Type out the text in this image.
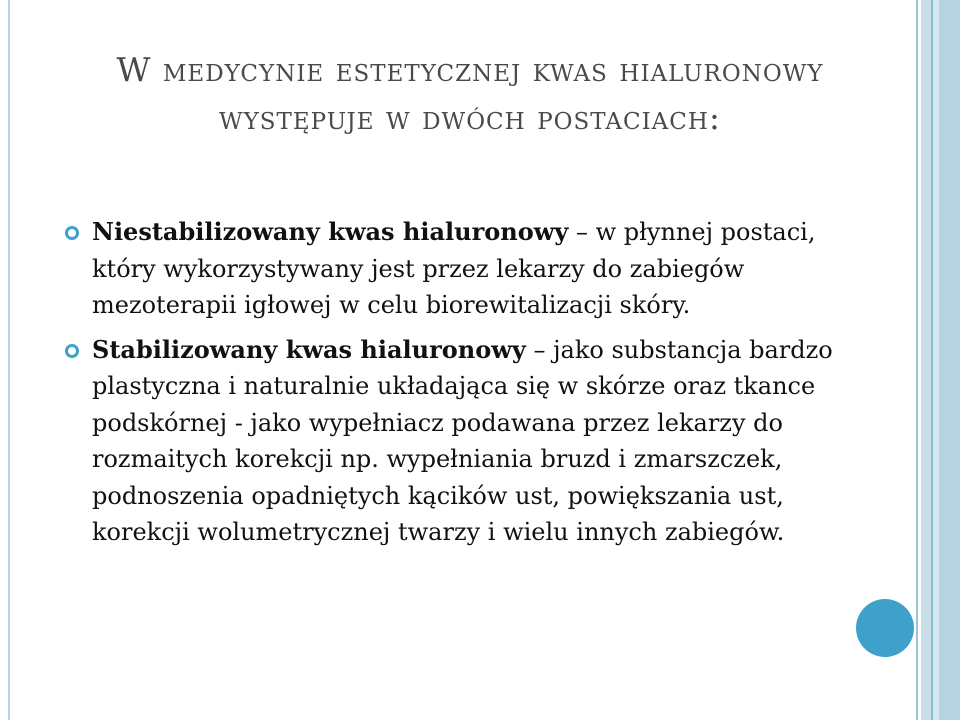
W medycynie estetycznej kwas hialuronowy występuje w dwóch postaciach:
Niestabilizowany kwas hialuronowy – w płynnej postaci, który wykorzystywany jest przez lekarzy do zabiegów mezoterapii igłowej w celu biorewitalizacji skóry.
Stabilizowany kwas hialuronowy – jako substancja bardzo plastyczna i naturalnie układająca się w skórze oraz tkance podskórnej - jako wypełniacz podawana przez lekarzy do rozmaitych korekcji np. wypełniania bruzd i zmarszczek, podnoszenia opadniętych kącików ust, powiększania ust, korekcji wolumetrycznej twarzy i wielu innych zabiegów.
